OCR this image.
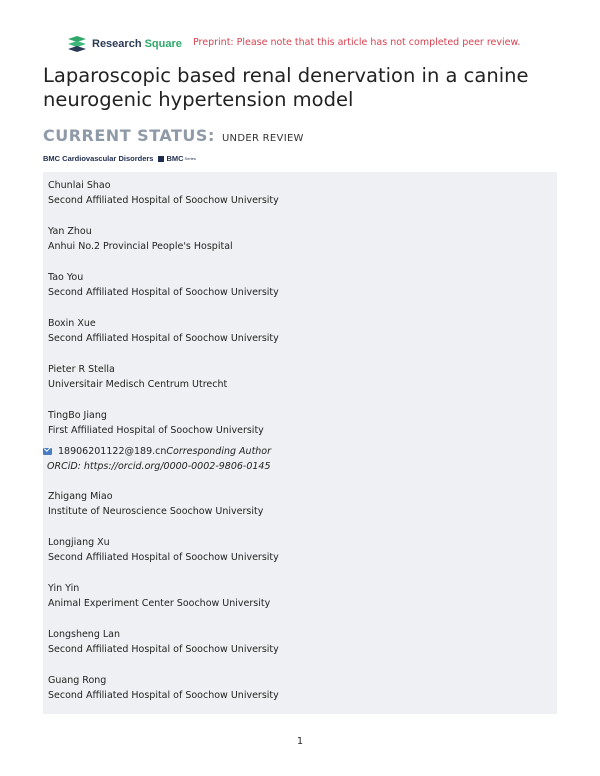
Research Square Preprint: Please note that this article has not completed peer review.
Laparoscopic based renal denervation in a canine neurogenic hypertension model
CURRENT STATUS: UNDER REVIEW
BMC Cardiovascular Disorders BMC Series
Chunlai Shao
Second Affiliated Hospital of Soochow University
Yan Zhou
Anhui No.2 Provincial People's Hospital
Tao You
Second Affiliated Hospital of Soochow University
Boxin Xue
Second Affiliated Hospital of Soochow University
Pieter R Stella
Universitair Medisch Centrum Utrecht
TingBo Jiang
First Affiliated Hospital of Soochow University
18906201122@189.cn Corresponding Author
ORCiD: https://orcid.org/0000-0002-9806-0145
Zhigang Miao
Institute of Neuroscience Soochow University
Longjiang Xu
Second Affiliated Hospital of Soochow University
Yin Yin
Animal Experiment Center Soochow University
Longsheng Lan
Second Affiliated Hospital of Soochow University
Guang Rong
Second Affiliated Hospital of Soochow University
1
